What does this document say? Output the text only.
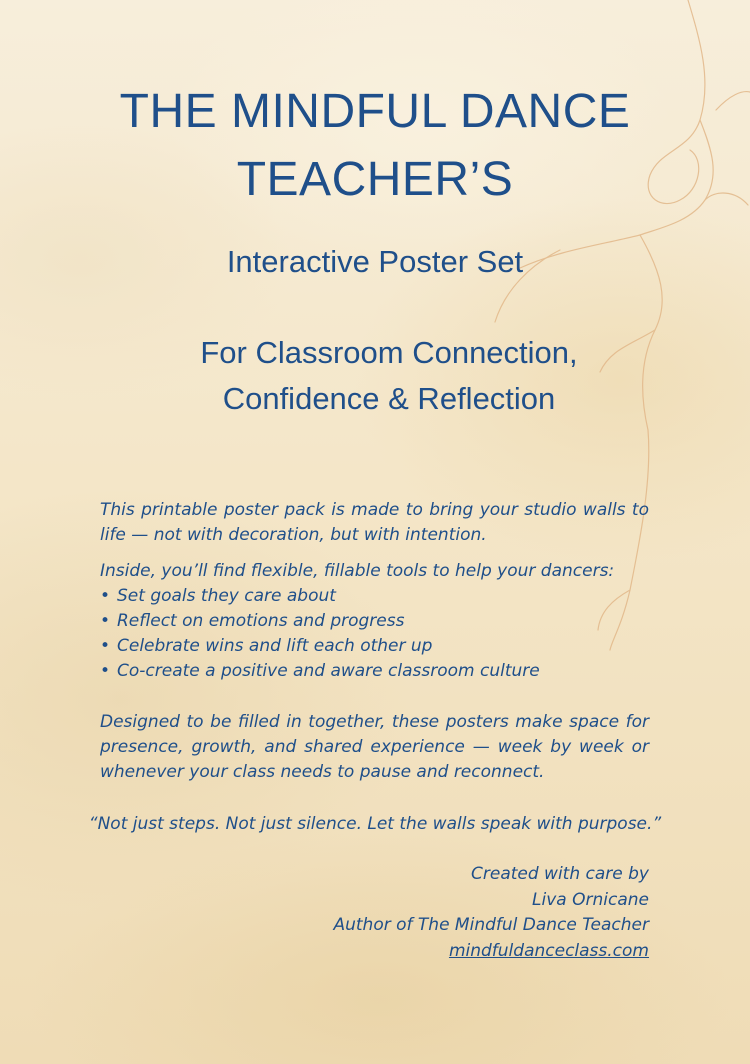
THE MINDFUL DANCE
TEACHER’S
Interactive Poster Set
For Classroom Connection,
Confidence & Reflection

This printable poster pack is made to bring your studio walls to life — not with decoration, but with intention.

Inside, you’ll find flexible, fillable tools to help your dancers:

• Set goals they care about
• Reflect on emotions and progress
• Celebrate wins and lift each other up
• Co-create a positive and aware classroom culture

Designed to be filled in together, these posters make space for presence, growth, and shared experience — week by week or whenever your class needs to pause and reconnect.

“Not just steps. Not just silence. Let the walls speak with purpose.”
Created with care by
Liva Ornicane
Author of The Mindful Dance Teacher
mindfuldanceclass.com
